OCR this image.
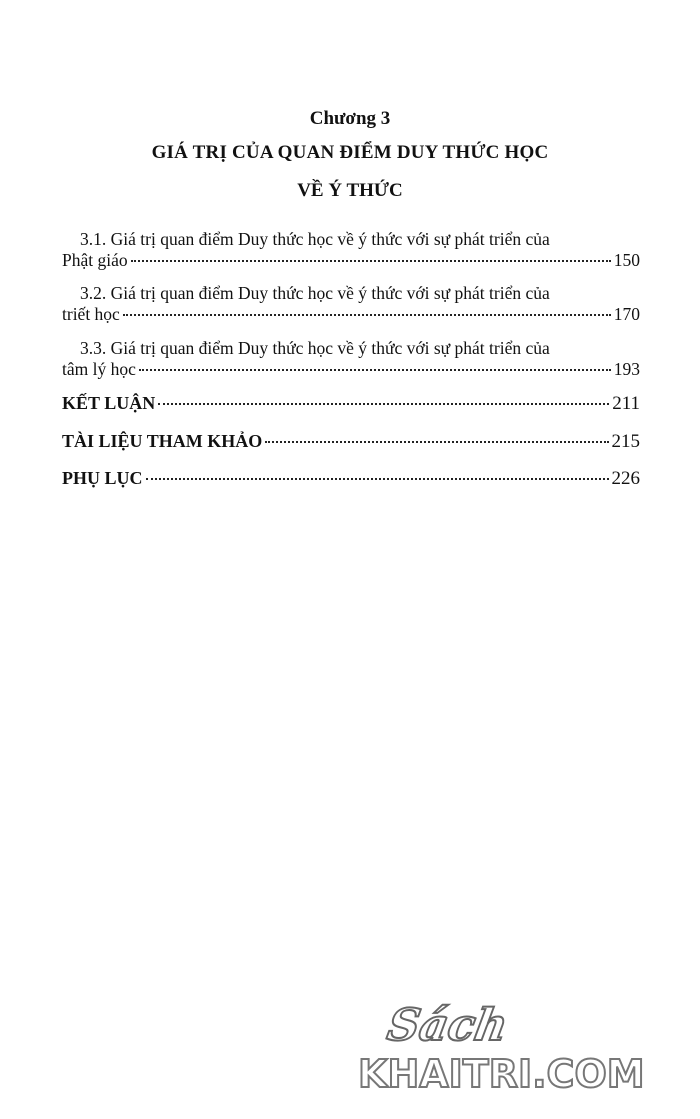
Chương 3
GIÁ TRỊ CỦA QUAN ĐIỂM DUY THỨC HỌC
VỀ Ý THỨC
3.1. Giá trị quan điểm Duy thức học về ý thức với sự phát triển của
Phật giáo	150
3.2. Giá trị quan điểm Duy thức học về ý thức với sự phát triển của
triết học	170
3.3. Giá trị quan điểm Duy thức học về ý thức với sự phát triển của
tâm lý học	193
KẾT LUẬN	211
TÀI LIỆU THAM KHẢO	215
PHỤ LỤC	226
Sách
KHAITRI.COM
